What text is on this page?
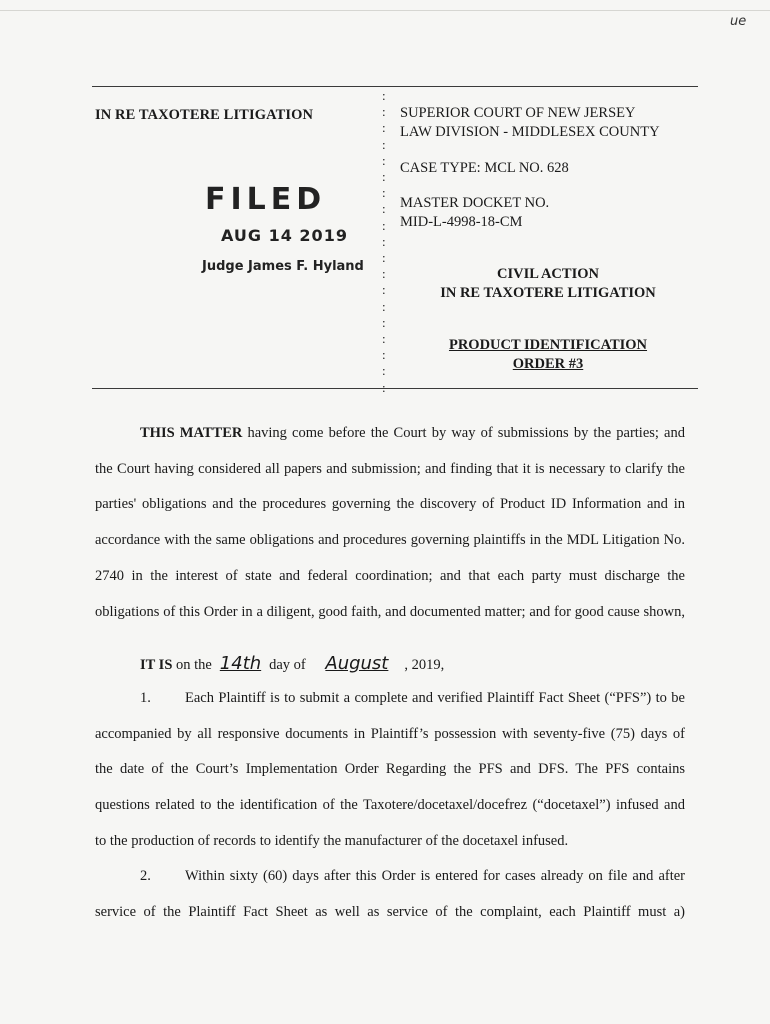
ue
:
:
:
:
:
:
:
:
:
:
:
:
:
:
:
:
:
:
:
IN RE TAXOTERE LITIGATION	SUPERIOR COURT OF NEW JERSEY
LAW DIVISION - MIDDLESEX COUNTY
CASE TYPE: MCL NO. 628
MASTER DOCKET NO.
MID-L-4998-18-CM
CIVIL ACTION
IN RE TAXOTERE LITIGATION
PRODUCT IDENTIFICATION
ORDER #3
FILED
AUG 14 2019
Judge James F. Hyland
THIS MATTER having come before the Court by way of submissions by the parties; and
the Court having considered all papers and submission; and finding that it is necessary to clarify the
parties' obligations and the procedures governing the discovery of Product ID Information and in
accordance with the same obligations and procedures governing plaintiffs in the MDL Litigation No.
2740 in the interest of state and federal coordination; and that each party must discharge the
obligations of this Order in a diligent, good faith, and documented matter; and for good cause shown,
IT IS on the 14th day of August , 2019,
1. Each Plaintiff is to submit a complete and verified Plaintiff Fact Sheet (“PFS”) to be
accompanied by all responsive documents in Plaintiff’s possession with seventy-five (75) days of
the date of the Court’s Implementation Order Regarding the PFS and DFS. The PFS contains
questions related to the identification of the Taxotere/docetaxel/docefrez (“docetaxel”) infused and
to the production of records to identify the manufacturer of the docetaxel infused.
2. Within sixty (60) days after this Order is entered for cases already on file and after
service of the Plaintiff Fact Sheet as well as service of the complaint, each Plaintiff must a)
